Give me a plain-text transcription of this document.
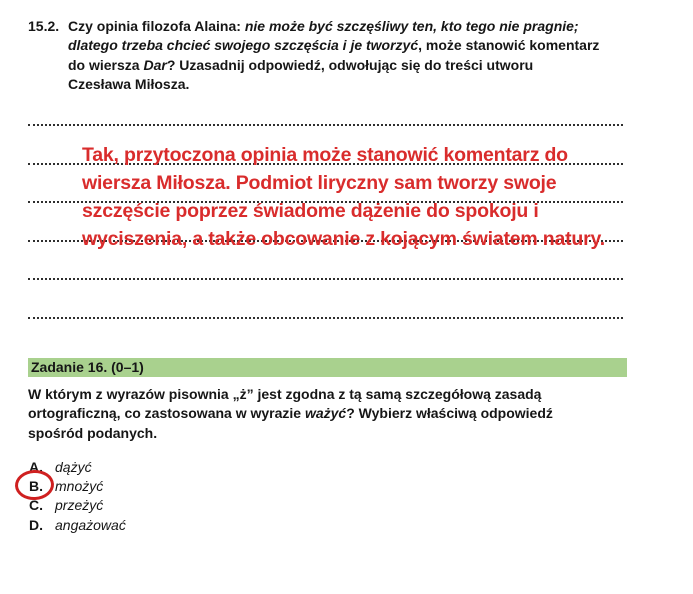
15.2. Czy opinia filozofa Alaina: nie może być szczęśliwy ten, kto tego nie pragnie;
dlatego trzeba chcieć swojego szczęścia i je tworzyć, może stanowić komentarz
do wiersza Dar? Uzasadnij odpowiedź, odwołując się do treści utworu
Czesława Miłosza.
Tak, przytoczona opinia może stanowić komentarz do
wiersza Miłosza. Podmiot liryczny sam tworzy swoje
szczęście poprzez świadome dążenie do spokoju i
wyciszenia, a także obcowanie z kojącym światem natury.
Zadanie 16. (0–1)
W którym z wyrazów pisownia „ż” jest zgodna z tą samą szczegółową zasadą
ortograficzną, co zastosowana w wyrazie ważyć? Wybierz właściwą odpowiedź
spośród podanych.
A. dążyć
B. mnożyć
C. przeżyć
D. angażować
